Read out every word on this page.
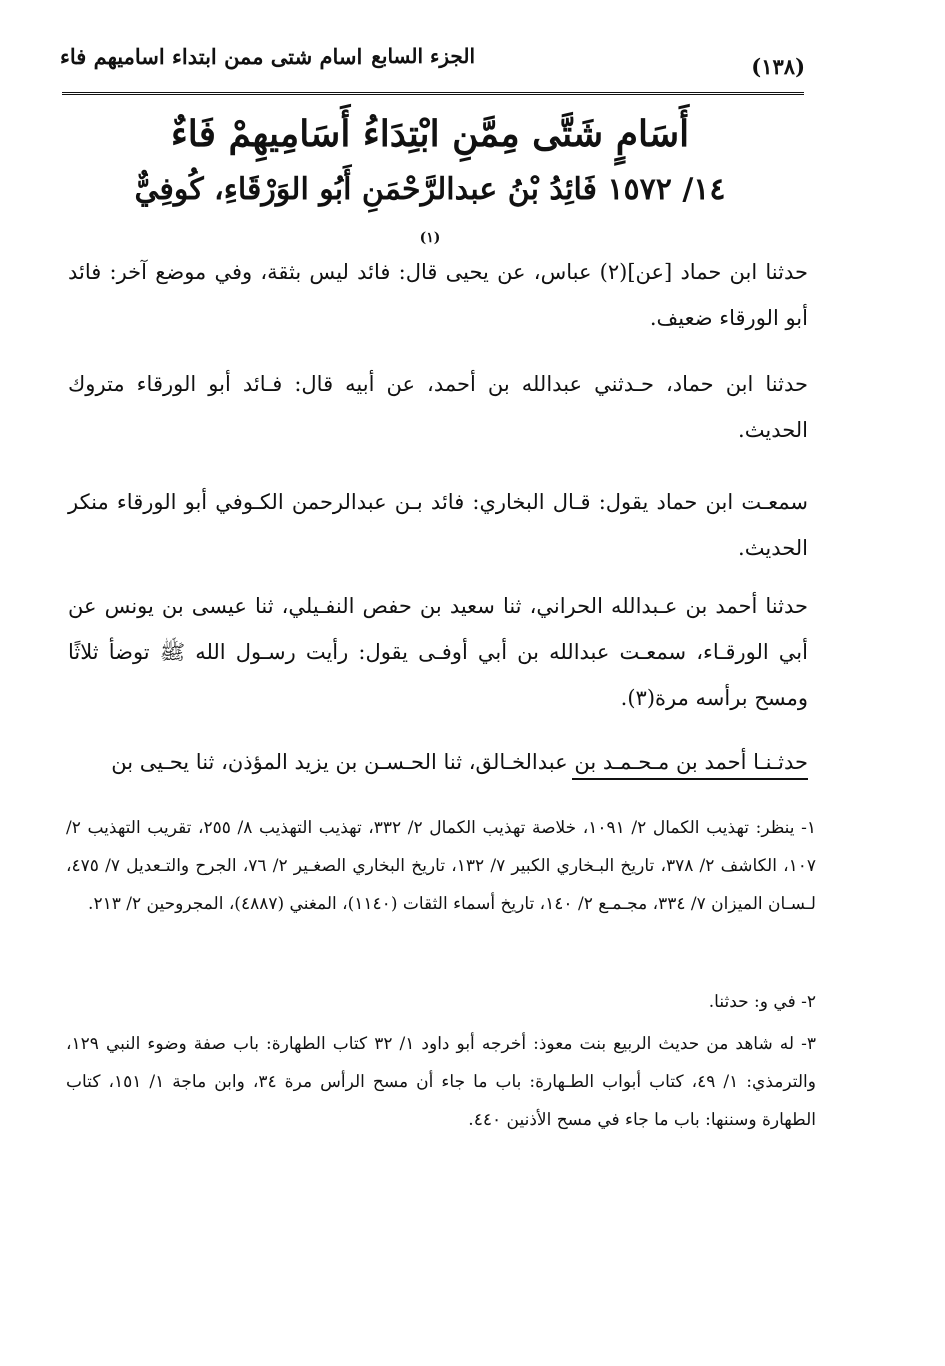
(١٣٨)
الجزء السابع
اسام شتى ممن ابتداء اساميهم فاء
أَسَامٍ شَتَّى مِمَّنِ ابْتِدَاءُ أَسَامِيهِمْ فَاءٌ
١٤/ ١٥٧٢ فَائِدُ بْنُ عبدالرَّحْمَنِ أَبُو الوَرْقَاءِ، كُوفِيٌّ $^{(١)}$

حدثنا ابن حماد [عن](٢) عباس، عن يحيى قال: فائد ليس بثقة، وفي موضع آخر: فائد أبو الورقاء ضعيف.

حدثنا ابن حماد، حـدثني عبدالله بن أحمد، عن أبيه قال: فـائد أبو الورقاء متروك الحديث.

سمعـت ابن حماد يقول: قـال البخاري: فائد بـن عبدالرحمن الكـوفي أبو الورقاء منكر الحديث.

حدثنا أحمد بن عـبدالله الحراني، ثنا سعيد بن حفص النفـيلي، ثنا عيسى بن يونس عن أبي الورقـاء، سمعـت عبدالله بن أبي أوفـى يقول: رأيت رسـول الله ﷺ توضأ ثلاثًا ومسح برأسه مرة(٣).

حدثـنـا أحمد بن مـحـمـد بن عبدالخـالق، ثنا الحـسـن بن يزيد المؤذن، ثنا يحـيى بن

١- ينظر: تهذيب الكمال ٢/ ١٠٩١، خلاصة تهذيب الكمال ٢/ ٣٣٢، تهذيب التهذيب ٨/ ٢٥٥، تقريب التهذيب ٢/ ١٠٧، الكاشف ٢/ ٣٧٨، تاريخ البـخاري الكبير ٧/ ١٣٢، تاريخ البخاري الصغـير ٢/ ٧٦، الجرح والتـعديل ٧/ ٤٧٥، لـسـان الميزان ٧/ ٣٣٤، مجـمـع ٢/ ١٤٠، تاريخ أسماء الثقات (١١٤٠)، المغني (٤٨٨٧)، المجروحين ٢/ ٢١٣.

٢- في و: حدثنا.

٣- له شاهد من حديث الربيع بنت معوذ: أخرجه أبو داود ١/ ٣٢ كتاب الطهارة: باب صفة وضوء النبي ١٢٩، والترمذي: ١/ ٤٩، كتاب أبواب الطـهارة: باب ما جاء أن مسح الرأس مرة ٣٤، وابن ماجة ١/ ١٥١، كتاب الطهارة وسننها: باب ما جاء في مسح الأذنين ٤٤٠.
